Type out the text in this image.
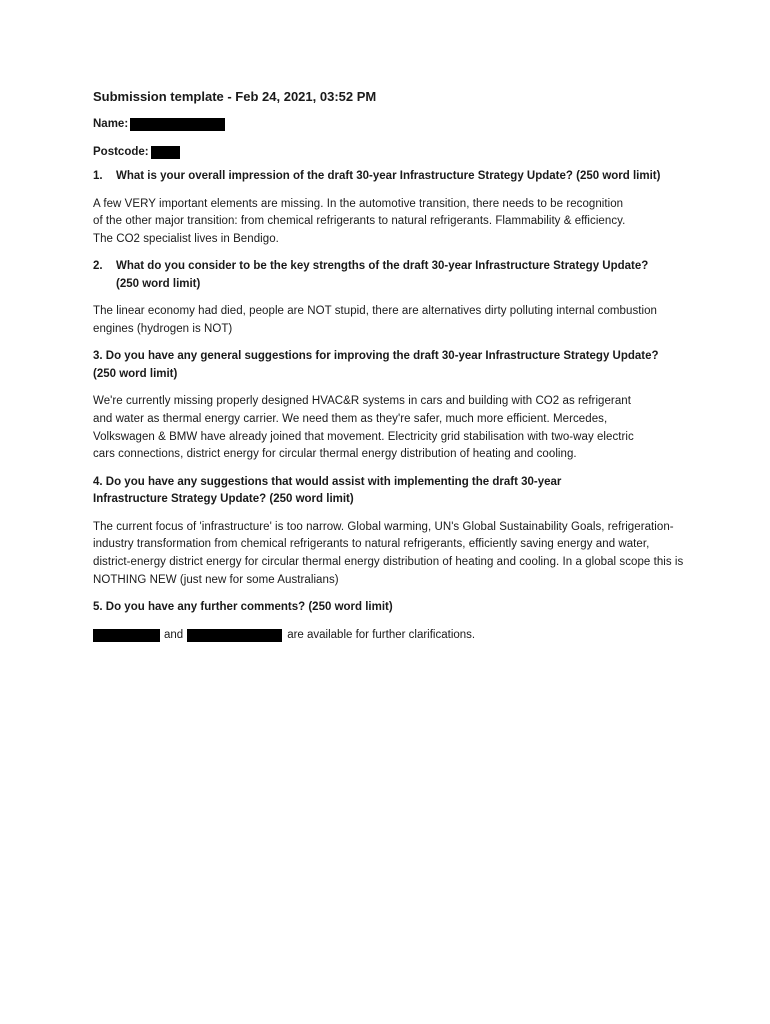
Submission template - Feb 24, 2021, 03:52 PM
Name:
Postcode:
1.	What is your overall impression of the draft 30-year Infrastructure Strategy Update? (250 word limit)

A few VERY important elements are missing. In the automotive transition, there needs to be recognition of the other major transition: from chemical refrigerants to natural refrigerants. Flammability & efficiency. The CO2 specialist lives in Bendigo.

2.	What do you consider to be the key strengths of the draft 30-year Infrastructure Strategy Update? (250 word limit)

The linear economy had died, people are NOT stupid, there are alternatives dirty polluting internal combustion engines (hydrogen is NOT)

3. Do you have any general suggestions for improving the draft 30-year Infrastructure Strategy Update? (250 word limit)

We're currently missing properly designed HVAC&R systems in cars and building with CO2 as refrigerant and water as thermal energy carrier. We need them as they're safer, much more efficient. Mercedes, Volkswagen & BMW have already joined that movement. Electricity grid stabilisation with two-way electric cars connections, district energy for circular thermal energy distribution of heating and cooling.

4. Do you have any suggestions that would assist with implementing the draft 30-year Infrastructure Strategy Update? (250 word limit)

The current focus of 'infrastructure' is too narrow. Global warming, UN's Global Sustainability Goals, refrigeration-industry transformation from chemical refrigerants to natural refrigerants, efficiently saving energy and water, district-energy district energy for circular thermal energy distribution of heating and cooling. In a global scope this is NOTHING NEW (just new for some Australians)

5. Do you have any further comments? (250 word limit)
and	are available for further clarifications.
